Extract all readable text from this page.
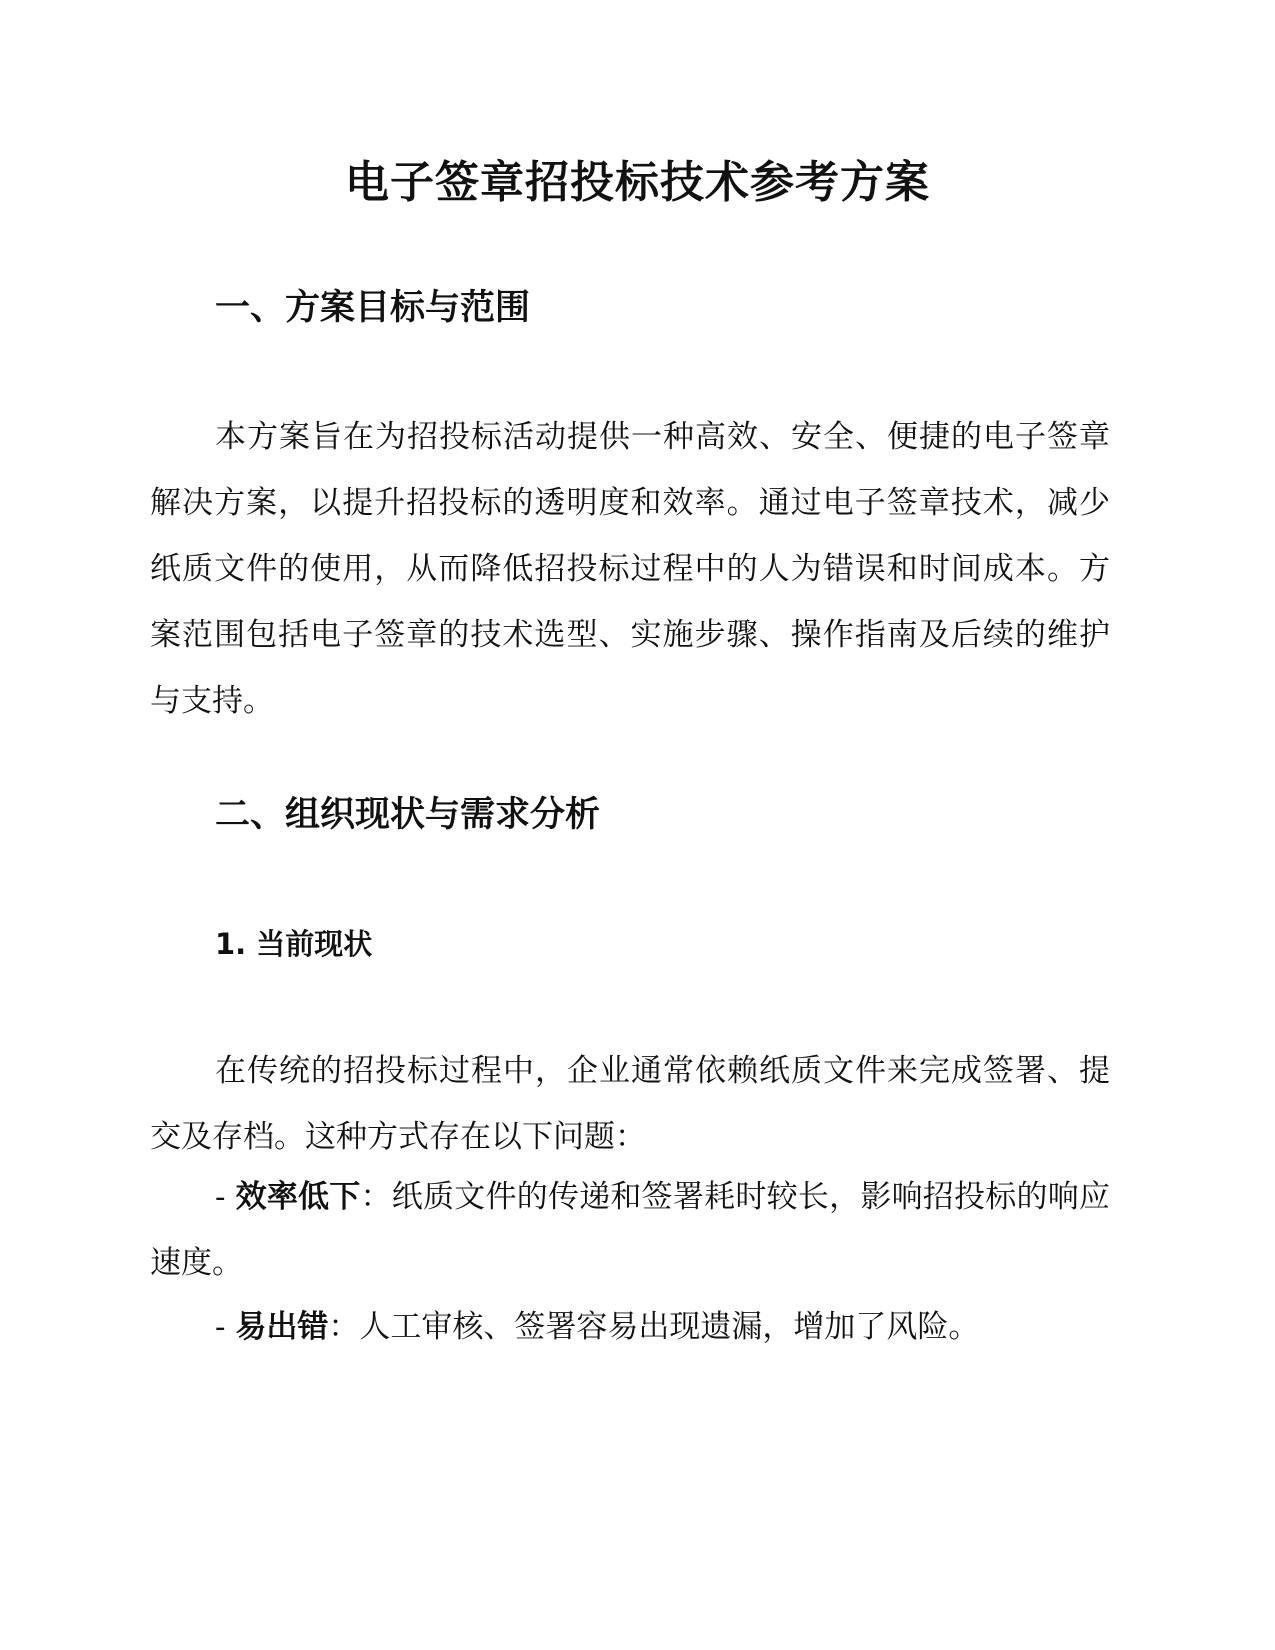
电子签章招投标技术参考方案
一、方案目标与范围

本方案旨在为招投标活动提供一种高效、安全、便捷的电子签章解决方案，以提升招投标的透明度和效率。通过电子签章技术，减少纸质文件的使用，从而降低招投标过程中的人为错误和时间成本。方案范围包括电子签章的技术选型、实施步骤、操作指南及后续的维护与支持。

二、组织现状与需求分析
1. 当前现状

在传统的招投标过程中，企业通常依赖纸质文件来完成签署、提交及存档。这种方式存在以下问题：

- 效率低下：纸质文件的传递和签署耗时较长，影响招投标的响应速度。

- 易出错：人工审核、签署容易出现遗漏，增加了风险。
